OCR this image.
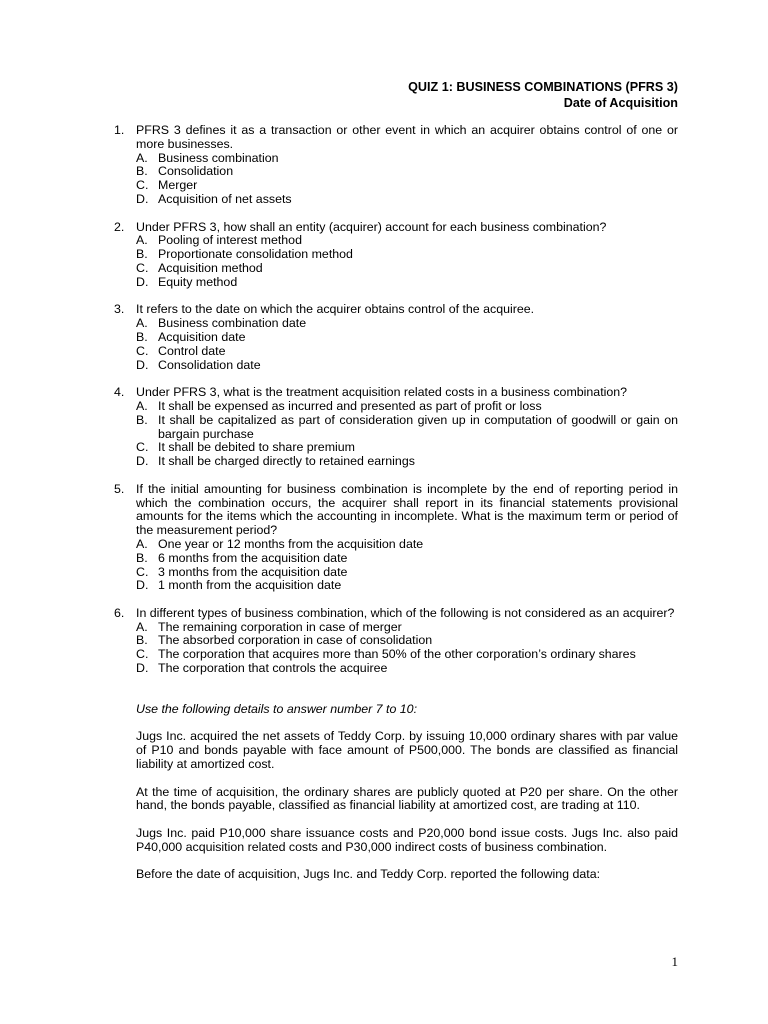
QUIZ 1: BUSINESS COMBINATIONS (PFRS 3)
Date of Acquisition
1. PFRS 3 defines it as a transaction or other event in which an acquirer obtains control of one or more businesses.
A. Business combination
B. Consolidation
C. Merger
D. Acquisition of net assets
2. Under PFRS 3, how shall an entity (acquirer) account for each business combination?
A. Pooling of interest method
B. Proportionate consolidation method
C. Acquisition method
D. Equity method
3. It refers to the date on which the acquirer obtains control of the acquiree.
A. Business combination date
B. Acquisition date
C. Control date
D. Consolidation date
4. Under PFRS 3, what is the treatment acquisition related costs in a business combination?
A. It shall be expensed as incurred and presented as part of profit or loss
B. It shall be capitalized as part of consideration given up in computation of goodwill or gain on bargain purchase
C. It shall be debited to share premium
D. It shall be charged directly to retained earnings
5. If the initial amounting for business combination is incomplete by the end of reporting period in which the combination occurs, the acquirer shall report in its financial statements provisional amounts for the items which the accounting in incomplete. What is the maximum term or period of the measurement period?
A. One year or 12 months from the acquisition date
B. 6 months from the acquisition date
C. 3 months from the acquisition date
D. 1 month from the acquisition date
6. In different types of business combination, which of the following is not considered as an acquirer?
A. The remaining corporation in case of merger
B. The absorbed corporation in case of consolidation
C. The corporation that acquires more than 50% of the other corporation’s ordinary shares
D. The corporation that controls the acquiree
Use the following details to answer number 7 to 10:
Jugs Inc. acquired the net assets of Teddy Corp. by issuing 10,000 ordinary shares with par value of P10 and bonds payable with face amount of P500,000. The bonds are classified as financial liability at amortized cost.
At the time of acquisition, the ordinary shares are publicly quoted at P20 per share. On the other hand, the bonds payable, classified as financial liability at amortized cost, are trading at 110.
Jugs Inc. paid P10,000 share issuance costs and P20,000 bond issue costs. Jugs Inc. also paid P40,000 acquisition related costs and P30,000 indirect costs of business combination.
Before the date of acquisition, Jugs Inc. and Teddy Corp. reported the following data:
1
